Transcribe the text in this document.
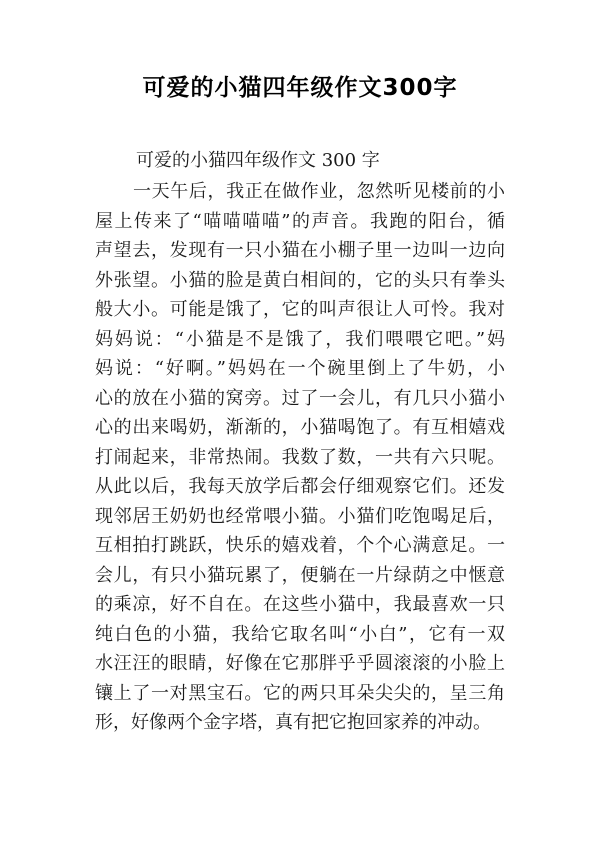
可爱的小猫四年级作文300字
可爱的小猫四年级作文 300 字
一天午后，我正在做作业，忽然听见楼前的小
屋上传来了“喵喵喵喵”的声音。我跑的阳台，循
声望去，发现有一只小猫在小棚子里一边叫一边向
外张望。小猫的脸是黄白相间的，它的头只有拳头
般大小。可能是饿了，它的叫声很让人可怜。我对
妈妈说：“小猫是不是饿了，我们喂喂它吧。”妈
妈说：“好啊。”妈妈在一个碗里倒上了牛奶，小
心的放在小猫的窝旁。过了一会儿，有几只小猫小
心的出来喝奶，渐渐的，小猫喝饱了。有互相嬉戏
打闹起来，非常热闹。我数了数，一共有六只呢。
从此以后，我每天放学后都会仔细观察它们。还发
现邻居王奶奶也经常喂小猫。小猫们吃饱喝足后，
互相拍打跳跃，快乐的嬉戏着，个个心满意足。一
会儿，有只小猫玩累了，便躺在一片绿荫之中惬意
的乘凉，好不自在。在这些小猫中，我最喜欢一只
纯白色的小猫，我给它取名叫“小白”，它有一双
水汪汪的眼睛，好像在它那胖乎乎圆滚滚的小脸上
镶上了一对黑宝石。它的两只耳朵尖尖的，呈三角
形，好像两个金字塔，真有把它抱回家养的冲动。
